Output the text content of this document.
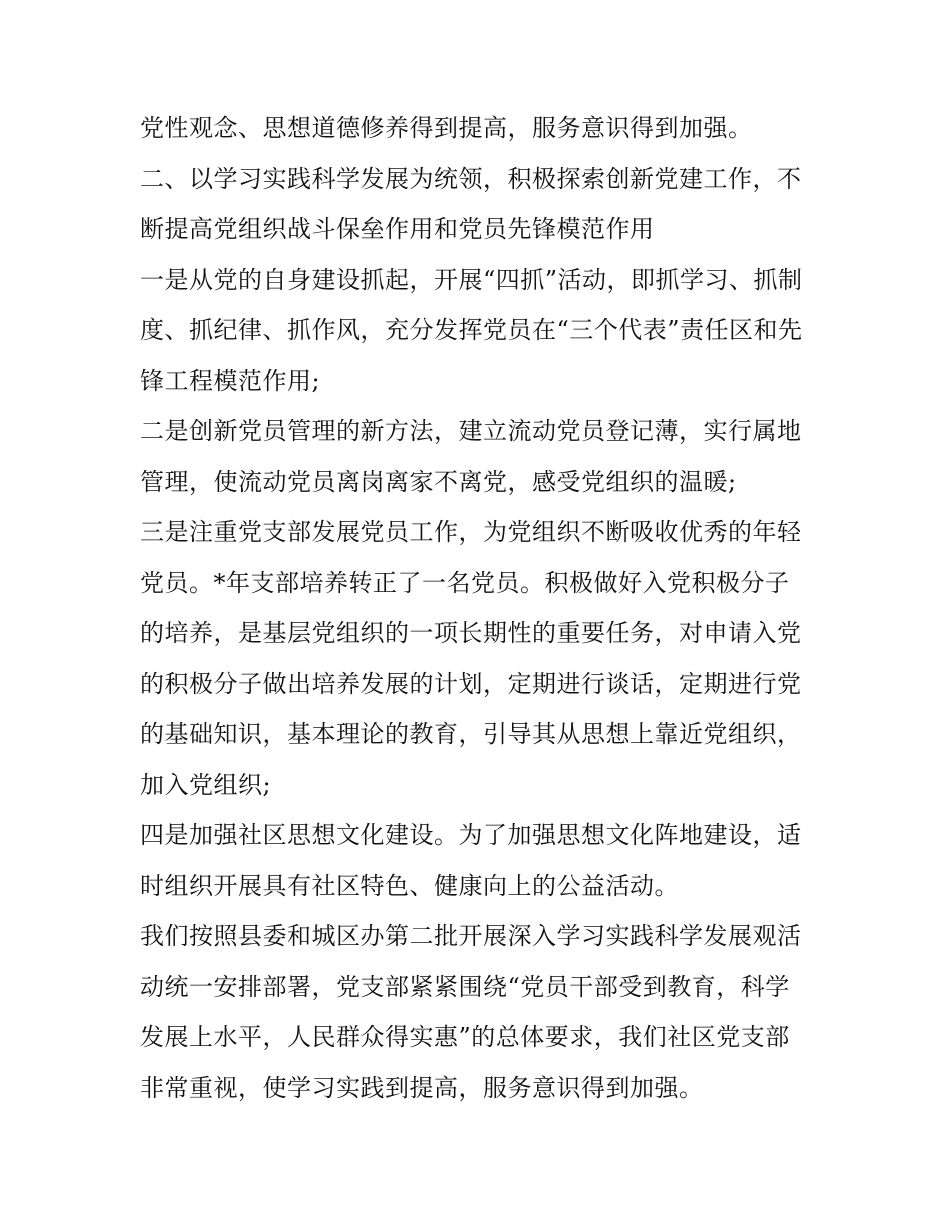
党性观念、思想道德修养得到提高，服务意识得到加强。
二、以学习实践科学发展为统领，积极探索创新党建工作，不
断提高党组织战斗保垒作用和党员先锋模范作用
一是从党的自身建设抓起，开展“四抓”活动，即抓学习、抓制
度、抓纪律、抓作风，充分发挥党员在“三个代表”责任区和先
锋工程模范作用;
二是创新党员管理的新方法，建立流动党员登记薄，实行属地
管理，使流动党员离岗离家不离党，感受党组织的温暖;
三是注重党支部发展党员工作，为党组织不断吸收优秀的年轻
党员。*年支部培养转正了一名党员。积极做好入党积极分子
的培养，是基层党组织的一项长期性的重要任务，对申请入党
的积极分子做出培养发展的计划，定期进行谈话，定期进行党
的基础知识，基本理论的教育，引导其从思想上靠近党组织，
加入党组织;
四是加强社区思想文化建设。为了加强思想文化阵地建设，适
时组织开展具有社区特色、健康向上的公益活动。
我们按照县委和城区办第二批开展深入学习实践科学发展观活
动统一安排部署，党支部紧紧围绕“党员干部受到教育，科学
发展上水平，人民群众得实惠”的总体要求，我们社区党支部
非常重视，使学习实践到提高，服务意识得到加强。
